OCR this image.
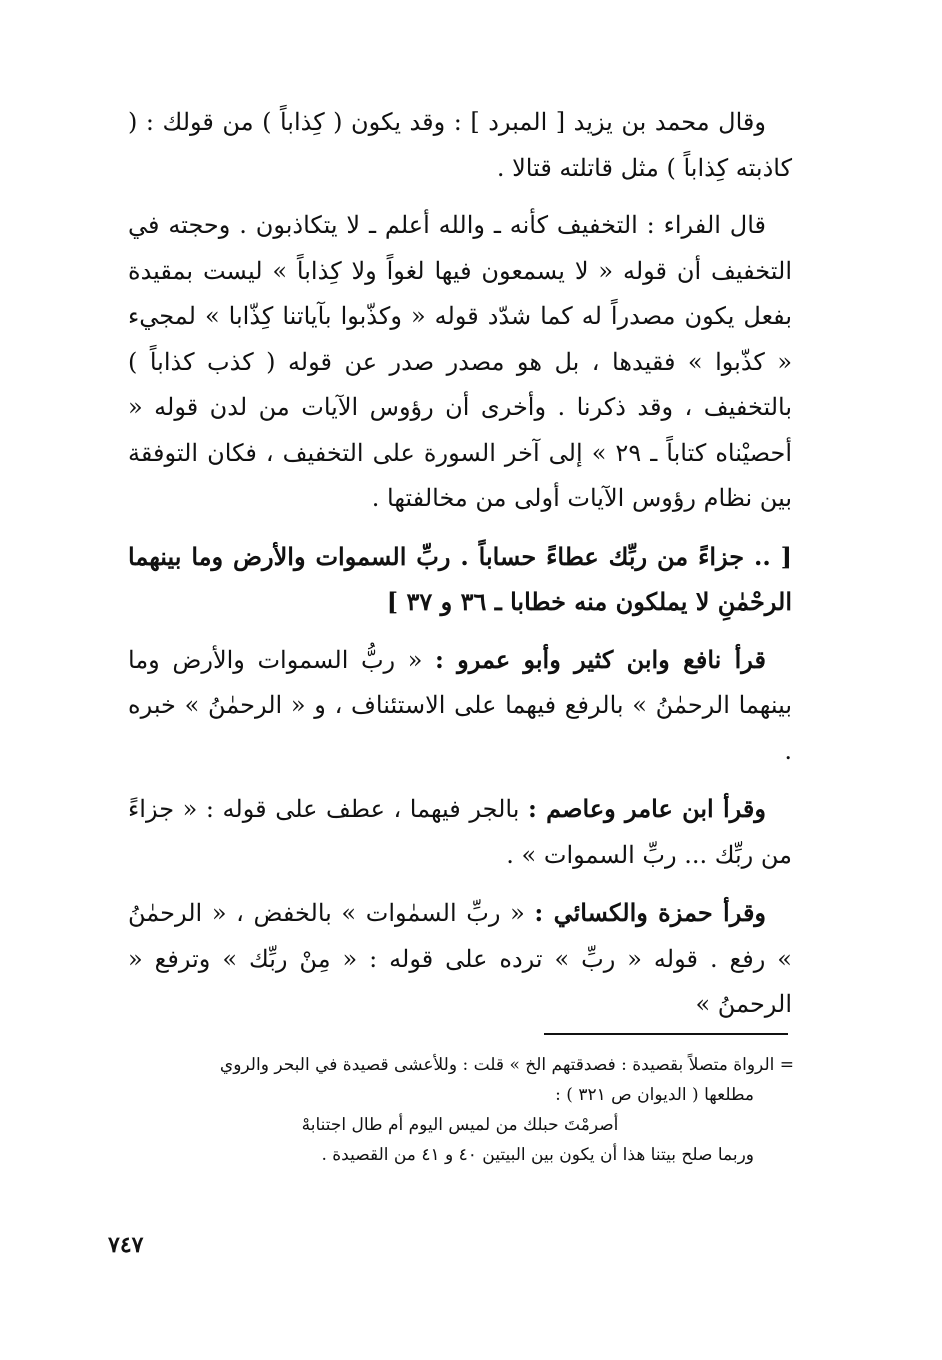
وقال محمد بن يزيد [ المبرد ] : وقد يكون ( كِذاباً ) من قولك : ( كاذبته كِذاباً ) مثل قاتلته قتالا .

قال الفراء : التخفيف كأنه ـ والله أعلم ـ لا يتكاذبون . وحجته في التخفيف أن قوله « لا يسمعون فيها لغواً ولا كِذاباً » ليست بمقيدة بفعل يكون مصدراً له كما شدّد قوله « وكذّبوا بآياتنا كِذّابا » لمجيء « كذّبوا » فقيدها ، بل هو مصدر صدر عن قوله ( كذب كذاباً ) بالتخفيف ، وقد ذكرنا . وأخرى أن رؤوس الآيات من لدن قوله « أحصيْناه كتاباً ـ ٢٩ » إلى آخر السورة على التخفيف ، فكان التوفقة بين نظام رؤوس الآيات أولى من مخالفتها .

[ .. جزاءً من ربِّك عطاءً حساباً . ربِّ السموات والأرض وما بينهما الرحْمٰنِ لا يملكون منه خطابا ـ ٣٦ و ٣٧ ]

قرأ نافع وابن كثير وأبو عمرو : « ربُّ السموات والأرض وما بينهما الرحمٰنُ » بالرفع فيهما على الاستئناف ، و « الرحمٰنُ » خبره .

وقرأ ابن عامر وعاصم : بالجر فيهما ، عطف على قوله : « جزاءً من ربِّك ... ربِّ السموات » .

وقرأ حمزة والكسائي : « ربِّ السمٰوات » بالخفض ، « الرحمٰنُ » رفع . قوله « ربِّ » ترده على قوله : « مِنْ ربِّك » وترفع « الرحمنُ »

= الرواة متصلاً بقصيدة : فصدقتهم الخ » قلت : وللأعشى قصيدة في البحر والروي

مطلعها ( الديوان ص ٣٢١ ) :

أصرمْتَ حبلك من لميس اليوم أم طال اجتنابهْ

وربما صلح بيتنا هذا أن يكون بين البيتين ٤٠ و ٤١ من القصيدة .

٧٤٧
